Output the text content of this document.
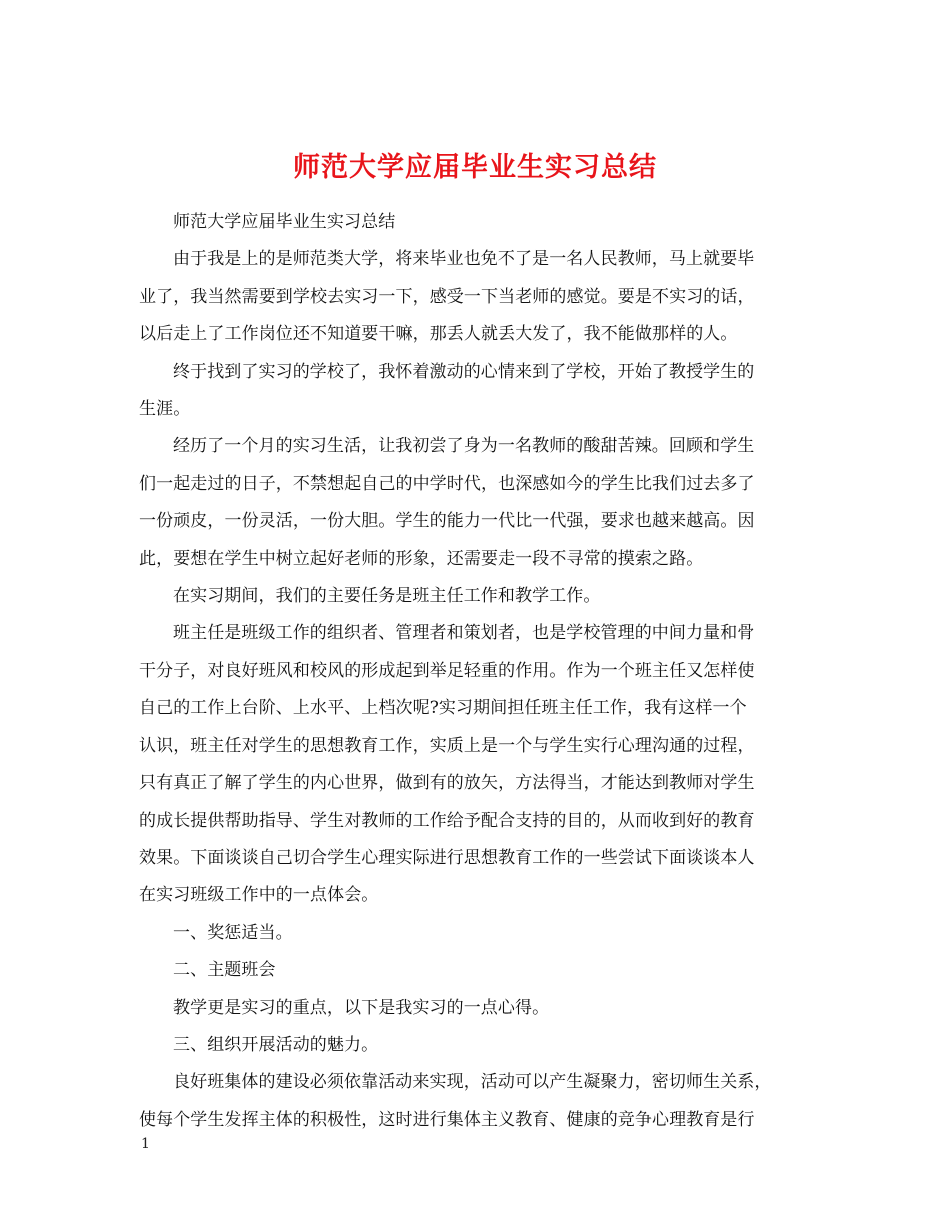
师范大学应届毕业生实习总结

师范大学应届毕业生实习总结

由于我是上的是师范类大学，将来毕业也免不了是一名人民教师，马上就要毕
业了，我当然需要到学校去实习一下，感受一下当老师的感觉。要是不实习的话，
以后走上了工作岗位还不知道要干嘛，那丢人就丢大发了，我不能做那样的人。

终于找到了实习的学校了，我怀着激动的心情来到了学校，开始了教授学生的
生涯。

经历了一个月的实习生活，让我初尝了身为一名教师的酸甜苦辣。回顾和学生
们一起走过的日子，不禁想起自己的中学时代，也深感如今的学生比我们过去多了
一份顽皮，一份灵活，一份大胆。学生的能力一代比一代强，要求也越来越高。因
此，要想在学生中树立起好老师的形象，还需要走一段不寻常的摸索之路。

在实习期间，我们的主要任务是班主任工作和教学工作。

班主任是班级工作的组织者、管理者和策划者，也是学校管理的中间力量和骨
干分子，对良好班风和校风的形成起到举足轻重的作用。作为一个班主任又怎样使
自己的工作上台阶、上水平、上档次呢?实习期间担任班主任工作，我有这样一个
认识，班主任对学生的思想教育工作，实质上是一个与学生实行心理沟通的过程，
只有真正了解了学生的内心世界，做到有的放矢，方法得当，才能达到教师对学生
的成长提供帮助指导、学生对教师的工作给予配合支持的目的，从而收到好的教育
效果。下面谈谈自己切合学生心理实际进行思想教育工作的一些尝试下面谈谈本人
在实习班级工作中的一点体会。

一、奖惩适当。

二、主题班会

教学更是实习的重点，以下是我实习的一点心得。

三、组织开展活动的魅力。

良好班集体的建设必须依靠活动来实现，活动可以产生凝聚力，密切师生关系，
使每个学生发挥主体的积极性，这时进行集体主义教育、健康的竞争心理教育是行

1
